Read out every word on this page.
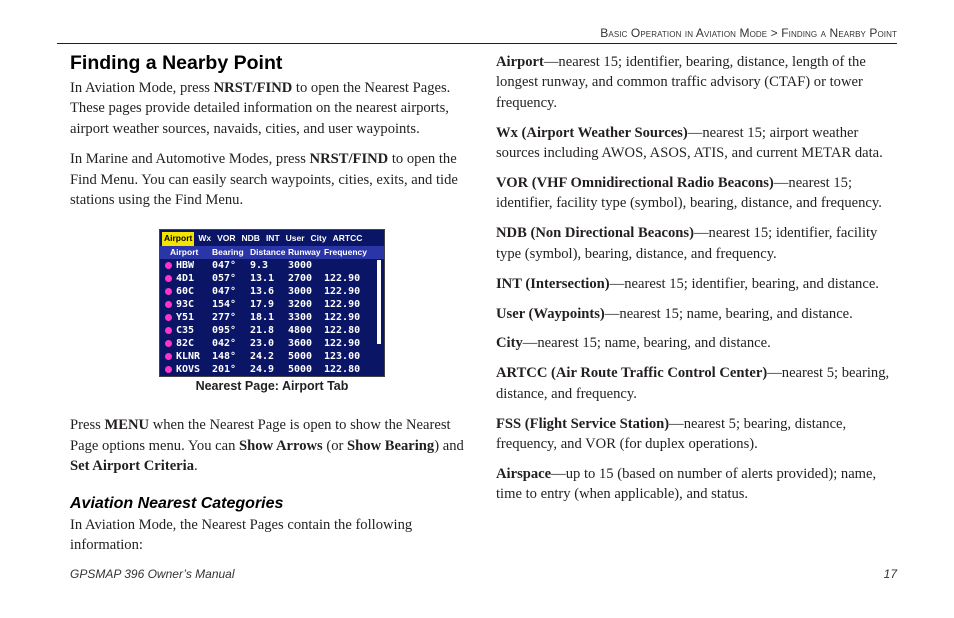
Basic Operation in Aviation Mode > Finding a Nearby Point
Finding a Nearby Point

In Aviation Mode, press NRST/FIND to open the Nearest Pages. These pages provide detailed information on the nearest airports, airport weather sources, navaids, cities, and user waypoints.

In Marine and Automotive Modes, press NRST/FIND to open the Find Menu. You can easily search waypoints, cities, exits, and tide stations using the Find Menu.

Airport Wx VOR NDB INT User City ARTCC
Airport	Bearing Distance Runway Frequency
HBW	047°	9.3	3000
4D1	057°	13.1	2700	122.90
60C	047°	13.6	3000	122.90
93C	154°	17.9	3200	122.90
Y51	277°	18.1	3300	122.90
C35	095°	21.8	4800	122.80
82C	042°	23.0	3600	122.90
KLNR	148°	24.2	5000	123.00
KOVS	201°	24.9	5000	122.80
Nearest Page: Airport Tab

Press MENU when the Nearest Page is open to show the Nearest Page options menu. You can Show Arrows (or Show Bearing) and Set Airport Criteria.

Aviation Nearest Categories

In Aviation Mode, the Nearest Pages contain the following information:

Airport—nearest 15; identifier, bearing, distance, length of the longest runway, and common traffic advisory (CTAF) or tower frequency.

Wx (Airport Weather Sources)—nearest 15; airport weather sources including AWOS, ASOS, ATIS, and current METAR data.

VOR (VHF Omnidirectional Radio Beacons)—nearest 15; identifier, facility type (symbol), bearing, distance, and frequency.

NDB (Non Directional Beacons)—nearest 15; identifier, facility type (symbol), bearing, distance, and frequency.

INT (Intersection)—nearest 15; identifier, bearing, and distance.

User (Waypoints)—nearest 15; name, bearing, and distance.

City—nearest 15; name, bearing, and distance.

ARTCC (Air Route Traffic Control Center)—nearest 5; bearing, distance, and frequency.

FSS (Flight Service Station)—nearest 5; bearing, distance, frequency, and VOR (for duplex operations).

Airspace—up to 15 (based on number of alerts provided); name, time to entry (when applicable), and status.

GPSMAP 396 Owner’s Manual	17
